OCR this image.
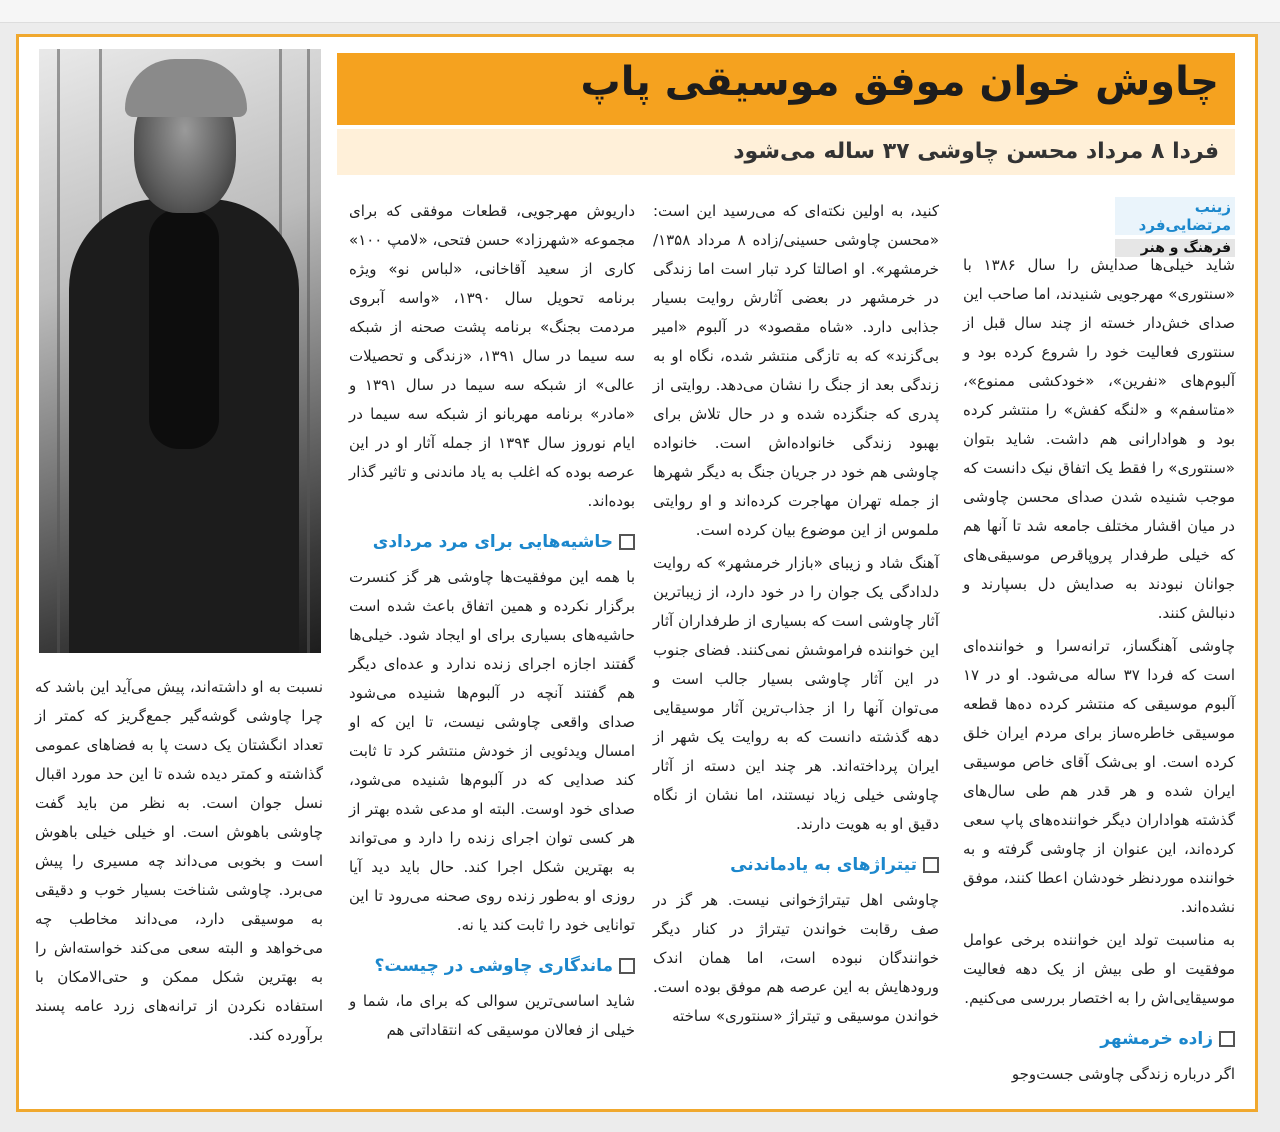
چاوش خوان موفق موسیقی پاپ
فردا ۸ مرداد محسن چاوشی ۳۷ ساله می‌شود
زینب مرتضایی‌فرد
فرهنگ و هنر

شاید خیلی‌ها صدایش را سال ۱۳۸۶ با «سنتوری» مهرجویی شنیدند، اما صاحب این صدای خش‌دار خسته از چند سال قبل از سنتوری فعالیت خود را شروع کرده بود و آلبوم‌های «نفرین»، «خودکشی ممنوع»، «متاسفم» و «لنگه کفش» را منتشر کرده بود و هوادارانی هم داشت. شاید بتوان «سنتوری» را فقط یک اتفاق نیک دانست که موجب شنیده شدن صدای محسن چاوشی در میان اقشار مختلف جامعه شد تا آنها هم که خیلی طرفدار پروپاقرص موسیقی‌های جوانان نبودند به صدایش دل بسپارند و دنبالش کنند.

چاوشی آهنگساز، ترانه‌سرا و خواننده‌ای است که فردا ۳۷ ساله می‌شود. او در ۱۷ آلبوم موسیقی که منتشر کرده ده‌ها قطعه موسیقی خاطره‌ساز برای مردم ایران خلق کرده است. او بی‌شک آقای خاص موسیقی ایران شده و هر قدر هم طی سال‌های گذشته هواداران دیگر خواننده‌های پاپ سعی کرده‌اند، این عنوان از چاوشی گرفته و به خواننده موردنظر خودشان اعطا کنند، موفق نشده‌اند.

به مناسبت تولد این خواننده برخی عوامل موفقیت او طی بیش از یک دهه فعالیت موسیقایی‌اش را به اختصار بررسی می‌کنیم.

زاده خرمشهر

اگر درباره زندگی چاوشی جست‌وجو

کنید، به اولین نکته‌ای که می‌رسید این است: «محسن چاوشی حسینی/زاده ۸ مرداد ۱۳۵۸/ خرمشهر». او اصالتا کرد تبار است اما زندگی در خرمشهر در بعضی آثارش روایت بسیار جذابی دارد. «شاه مقصود» در آلبوم «امیر بی‌گزند» که به تازگی منتشر شده، نگاه او به زندگی بعد از جنگ را نشان می‌دهد. روایتی از پدری که جنگزده شده و در حال تلاش برای بهبود زندگی خانواده‌اش است. خانواده چاوشی هم خود در جریان جنگ به دیگر شهرها از جمله تهران مهاجرت کرده‌اند و او روایتی ملموس از این موضوع بیان کرده است.

آهنگ شاد و زیبای «بازار خرمشهر» که روایت دلدادگی یک جوان را در خود دارد، از زیباترین آثار چاوشی است که بسیاری از طرفداران آثار این خواننده فراموشش نمی‌کنند. فضای جنوب در این آثار چاوشی بسیار جالب است و می‌توان آنها را از جذاب‌ترین آثار موسیقایی دهه گذشته دانست که به روایت یک شهر از ایران پرداخته‌اند. هر چند این دسته از آثار چاوشی خیلی زیاد نیستند، اما نشان از نگاه دقیق او به هویت دارند.

تیتراژهای به یادماندنی

چاوشی اهل تیتراژخوانی نیست. هر گز در صف رقابت خواندن تیتراژ در کنار دیگر خوانندگان نبوده است، اما همان اندک ورودهایش به این عرصه هم موفق بوده است. خواندن موسیقی و تیتراژ «سنتوری» ساخته

داریوش مهرجویی، قطعات موفقی که برای مجموعه «شهرزاد» حسن فتحی، «لامپ ۱۰۰» کاری از سعید آقاخانی، «لباس نو» ویژه برنامه تحویل سال ۱۳۹۰، «واسه آبروی مردمت بجنگ» برنامه پشت صحنه از شبکه سه سیما در سال ۱۳۹۱، «زندگی و تحصیلات عالی» از شبکه سه سیما در سال ۱۳۹۱ و «مادر» برنامه مهربانو از شبکه سه سیما در ایام نوروز سال ۱۳۹۴ از جمله آثار او در این عرصه بوده که اغلب به یاد ماندنی و تاثیر گذار بوده‌اند.

حاشیه‌هایی برای مرد مردادی

با همه این موفقیت‌ها چاوشی هر گز کنسرت برگزار نکرده و همین اتفاق باعث شده است حاشیه‌های بسیاری برای او ایجاد شود. خیلی‌ها گفتند اجازه اجرای زنده ندارد و عده‌ای دیگر هم گفتند آنچه در آلبوم‌ها شنیده می‌شود صدای واقعی چاوشی نیست، تا این که او امسال ویدئویی از خودش منتشر کرد تا ثابت کند صدایی که در آلبوم‌ها شنیده می‌شود، صدای خود اوست. البته او مدعی شده بهتر از هر کسی توان اجرای زنده را دارد و می‌تواند به بهترین شکل اجرا کند. حال باید دید آیا روزی او به‌طور زنده روی صحنه می‌رود تا این توانایی خود را ثابت کند یا نه.

ماندگاری چاوشی در چیست؟

شاید اساسی‌ترین سوالی که برای ما، شما و خیلی از فعالان موسیقی که انتقاداتی هم

نسبت به او داشته‌اند، پیش می‌آید این باشد که چرا چاوشی گوشه‌گیر جمع‌گریز که کمتر از تعداد انگشتان یک دست پا به فضاهای عمومی گذاشته و کمتر دیده شده تا این حد مورد اقبال نسل جوان است. به نظر من باید گفت چاوشی باهوش است. او خیلی خیلی باهوش است و بخوبی می‌داند چه مسیری را پیش می‌برد. چاوشی شناخت بسیار خوب و دقیقی به موسیقی دارد، می‌داند مخاطب چه می‌خواهد و البته سعی می‌کند خواسته‌اش را به بهترین شکل ممکن و حتی‌الامکان با استفاده نکردن از ترانه‌های زرد عامه پسند برآورده کند.
